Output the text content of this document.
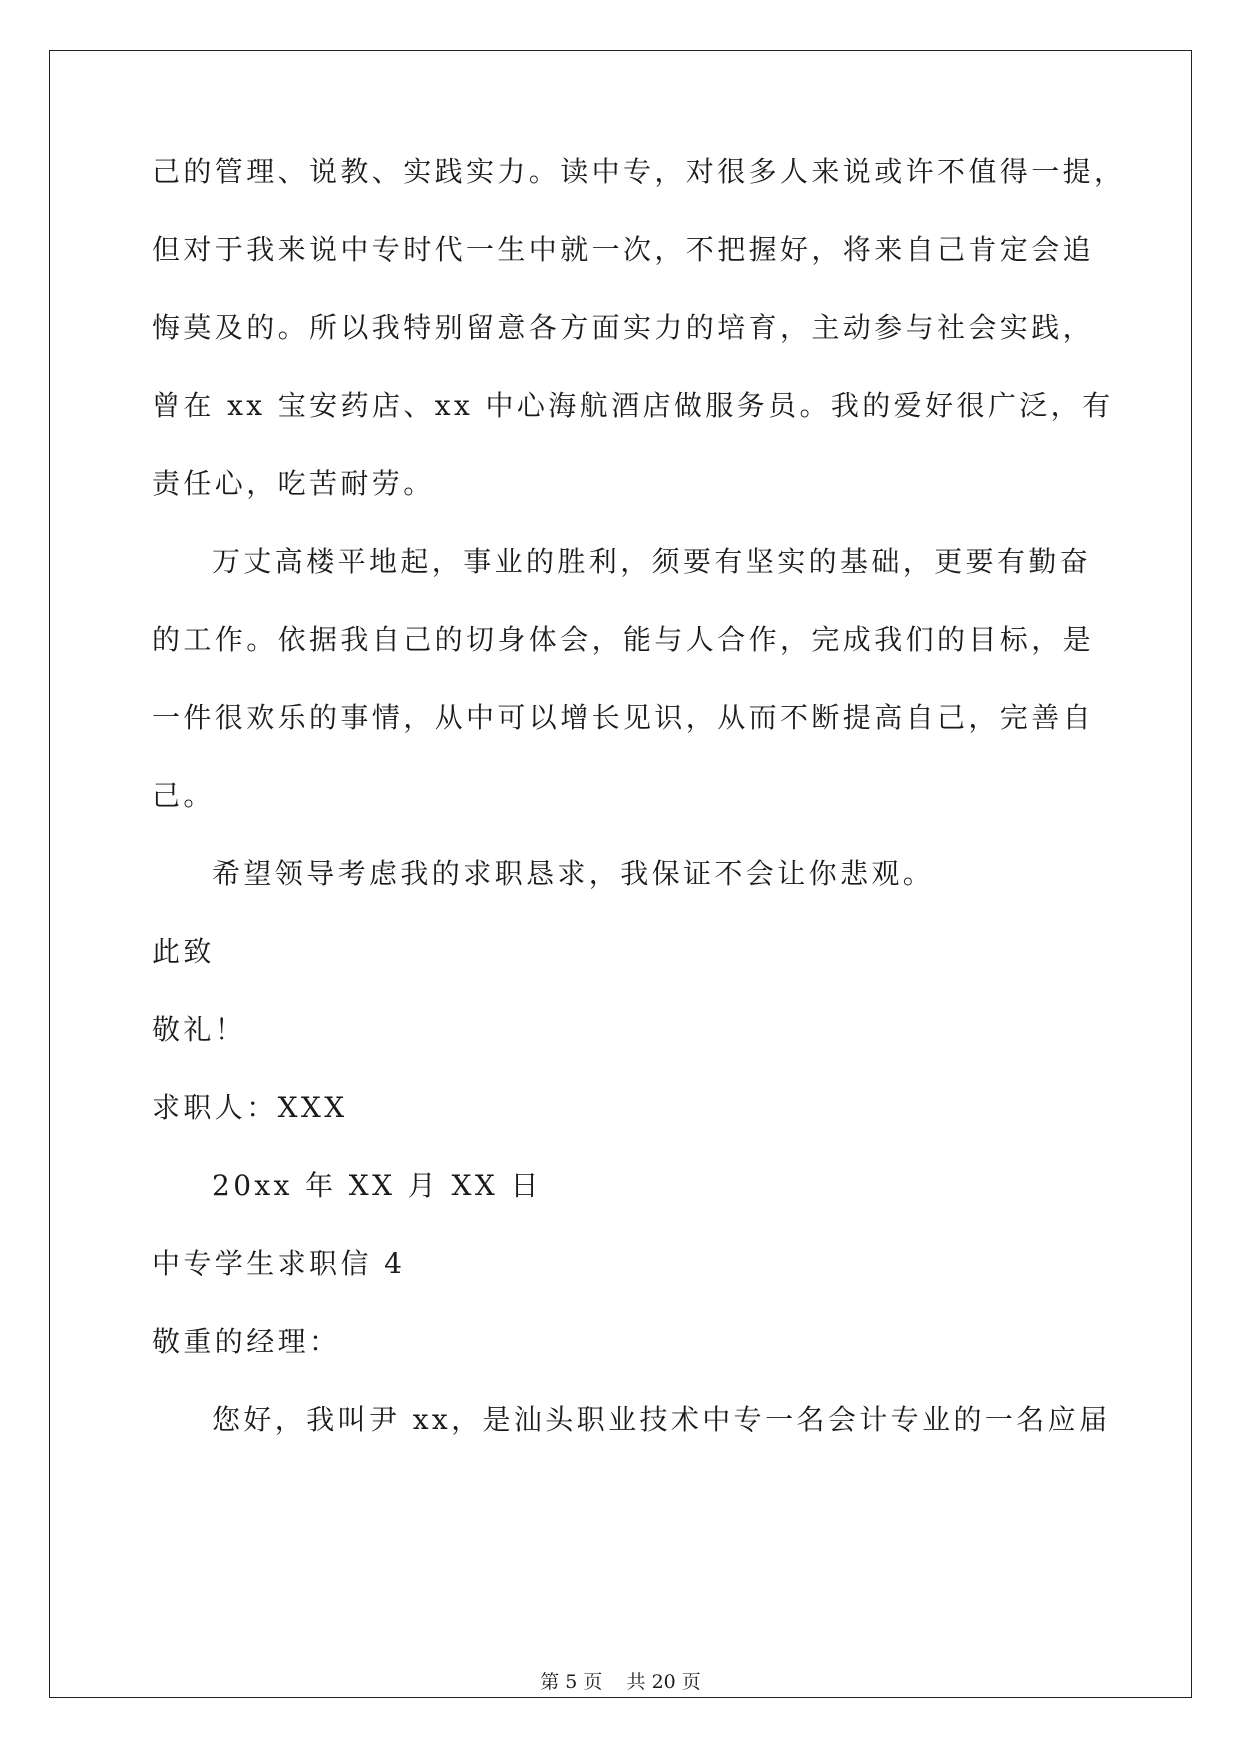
己的管理、说教、实践实力。读中专，对很多人来说或许不值得一提，

但对于我来说中专时代一生中就一次，不把握好，将来自己肯定会追

悔莫及的。所以我特别留意各方面实力的培育，主动参与社会实践，

曾在 xx 宝安药店、xx 中心海航酒店做服务员。我的爱好很广泛，有

责任心，吃苦耐劳。

万丈高楼平地起，事业的胜利，须要有坚实的基础，更要有勤奋

的工作。依据我自己的切身体会，能与人合作，完成我们的目标，是

一件很欢乐的事情，从中可以增长见识，从而不断提高自己，完善自

己。

希望领导考虑我的求职恳求，我保证不会让你悲观。

此致

敬礼！

求职人：XXX

20xx 年 XX 月 XX 日

中专学生求职信 4

敬重的经理：

您好，我叫尹 xx，是汕头职业技术中专一名会计专业的一名应届

第 5 页    共 20 页
